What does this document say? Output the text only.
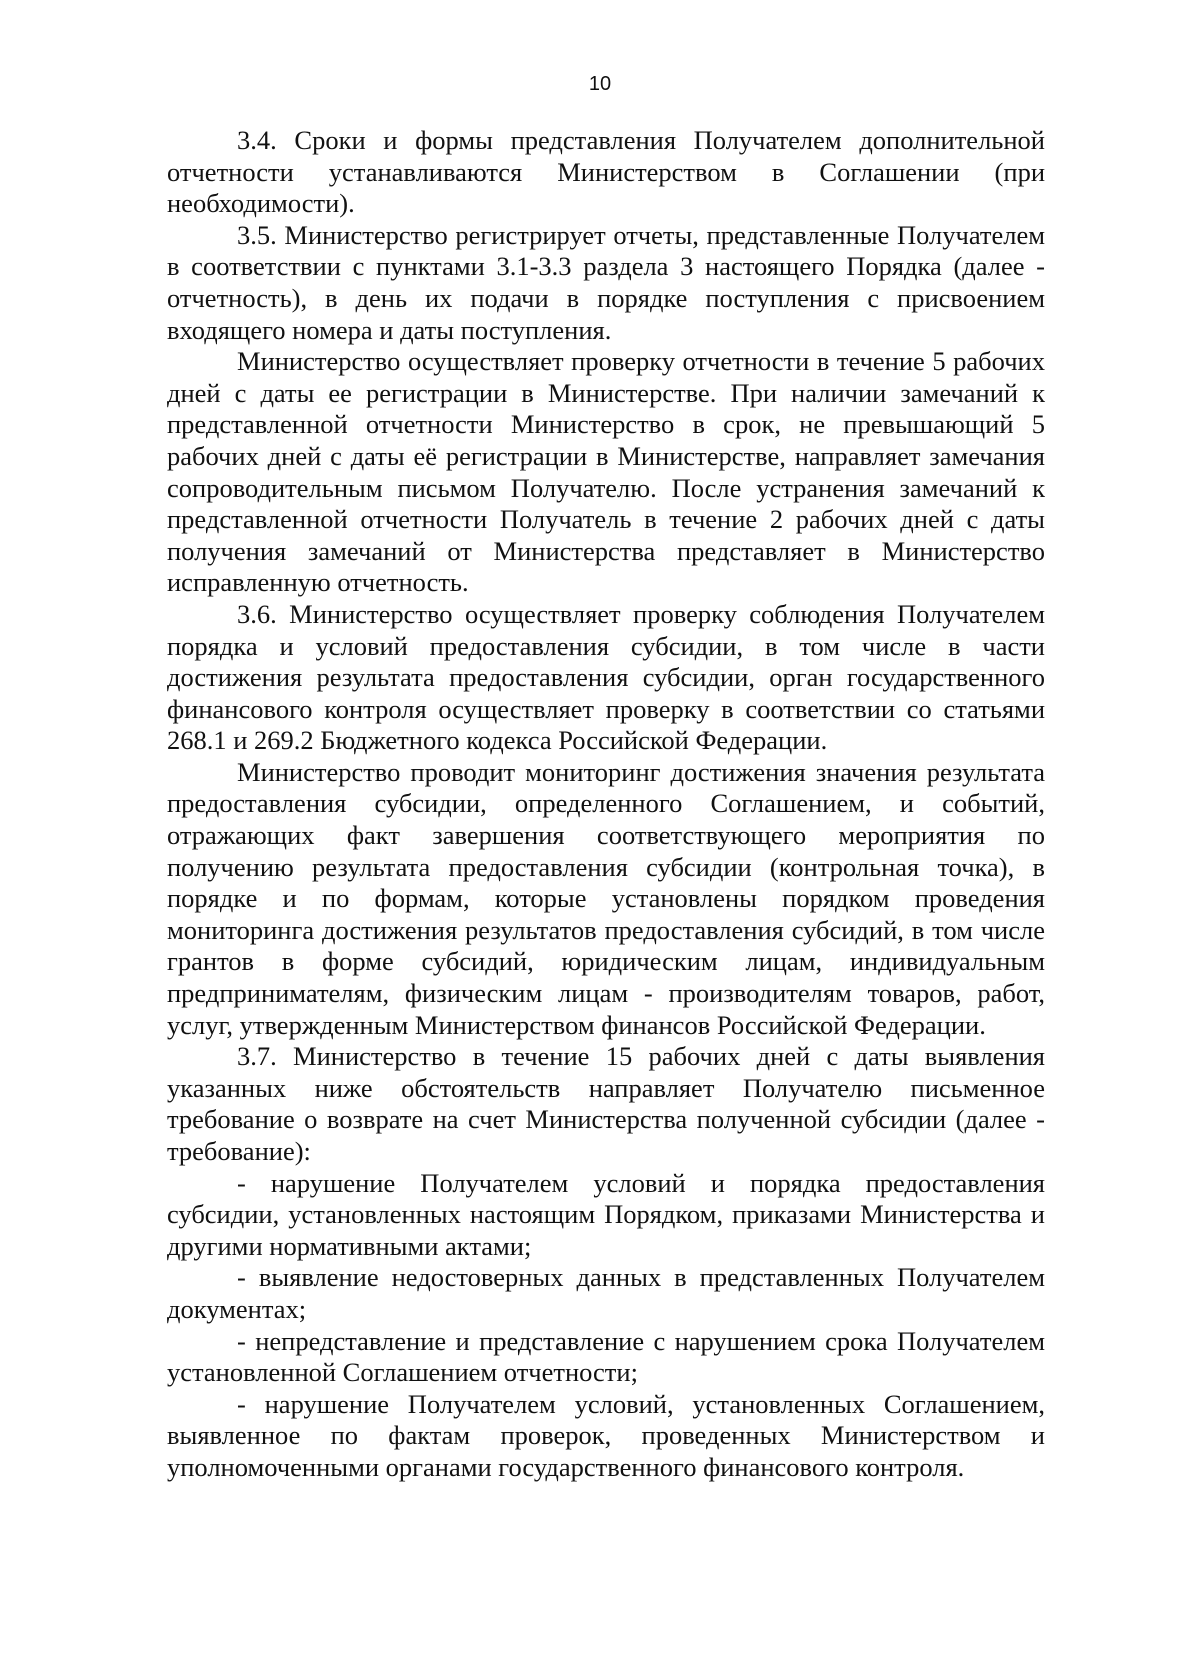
10

3.4. Сроки и формы представления Получателем дополнительной отчетности устанавливаются Министерством в Соглашении (при необходимости).

3.5. Министерство регистрирует отчеты, представленные Получателем в соответствии с пунктами 3.1-3.3 раздела 3 настоящего Порядка (далее - отчетность), в день их подачи в порядке поступления с присвоением входящего номера и даты поступления.

Министерство осуществляет проверку отчетности в течение 5 рабочих дней с даты ее регистрации в Министерстве. При наличии замечаний к представленной отчетности Министерство в срок, не превышающий 5 рабочих дней с даты её регистрации в Министерстве, направляет замечания сопроводительным письмом Получателю. После устранения замечаний к представленной отчетности Получатель в течение 2 рабочих дней с даты получения замечаний от Министерства представляет в Министерство исправленную отчетность.

3.6. Министерство осуществляет проверку соблюдения Получателем порядка и условий предоставления субсидии, в том числе в части достижения результата предоставления субсидии, орган государственного финансового контроля осуществляет проверку в соответствии со статьями 268.1 и 269.2 Бюджетного кодекса Российской Федерации.

Министерство проводит мониторинг достижения значения результата предоставления субсидии, определенного Соглашением, и событий, отражающих факт завершения соответствующего мероприятия по получению результата предоставления субсидии (контрольная точка), в порядке и по формам, которые установлены порядком проведения мониторинга достижения результатов предоставления субсидий, в том числе грантов в форме субсидий, юридическим лицам, индивидуальным предпринимателям, физическим лицам - производителям товаров, работ, услуг, утвержденным Министерством финансов Российской Федерации.

3.7. Министерство в течение 15 рабочих дней с даты выявления указанных ниже обстоятельств направляет Получателю письменное требование о возврате на счет Министерства полученной субсидии (далее - требование):

- нарушение Получателем условий и порядка предоставления субсидии, установленных настоящим Порядком, приказами Министерства и другими нормативными актами;

- выявление недостоверных данных в представленных Получателем документах;

- непредставление и представление с нарушением срока Получателем установленной Соглашением отчетности;

- нарушение Получателем условий, установленных Соглашением, выявленное по фактам проверок, проведенных Министерством и уполномоченными органами государственного финансового контроля.
